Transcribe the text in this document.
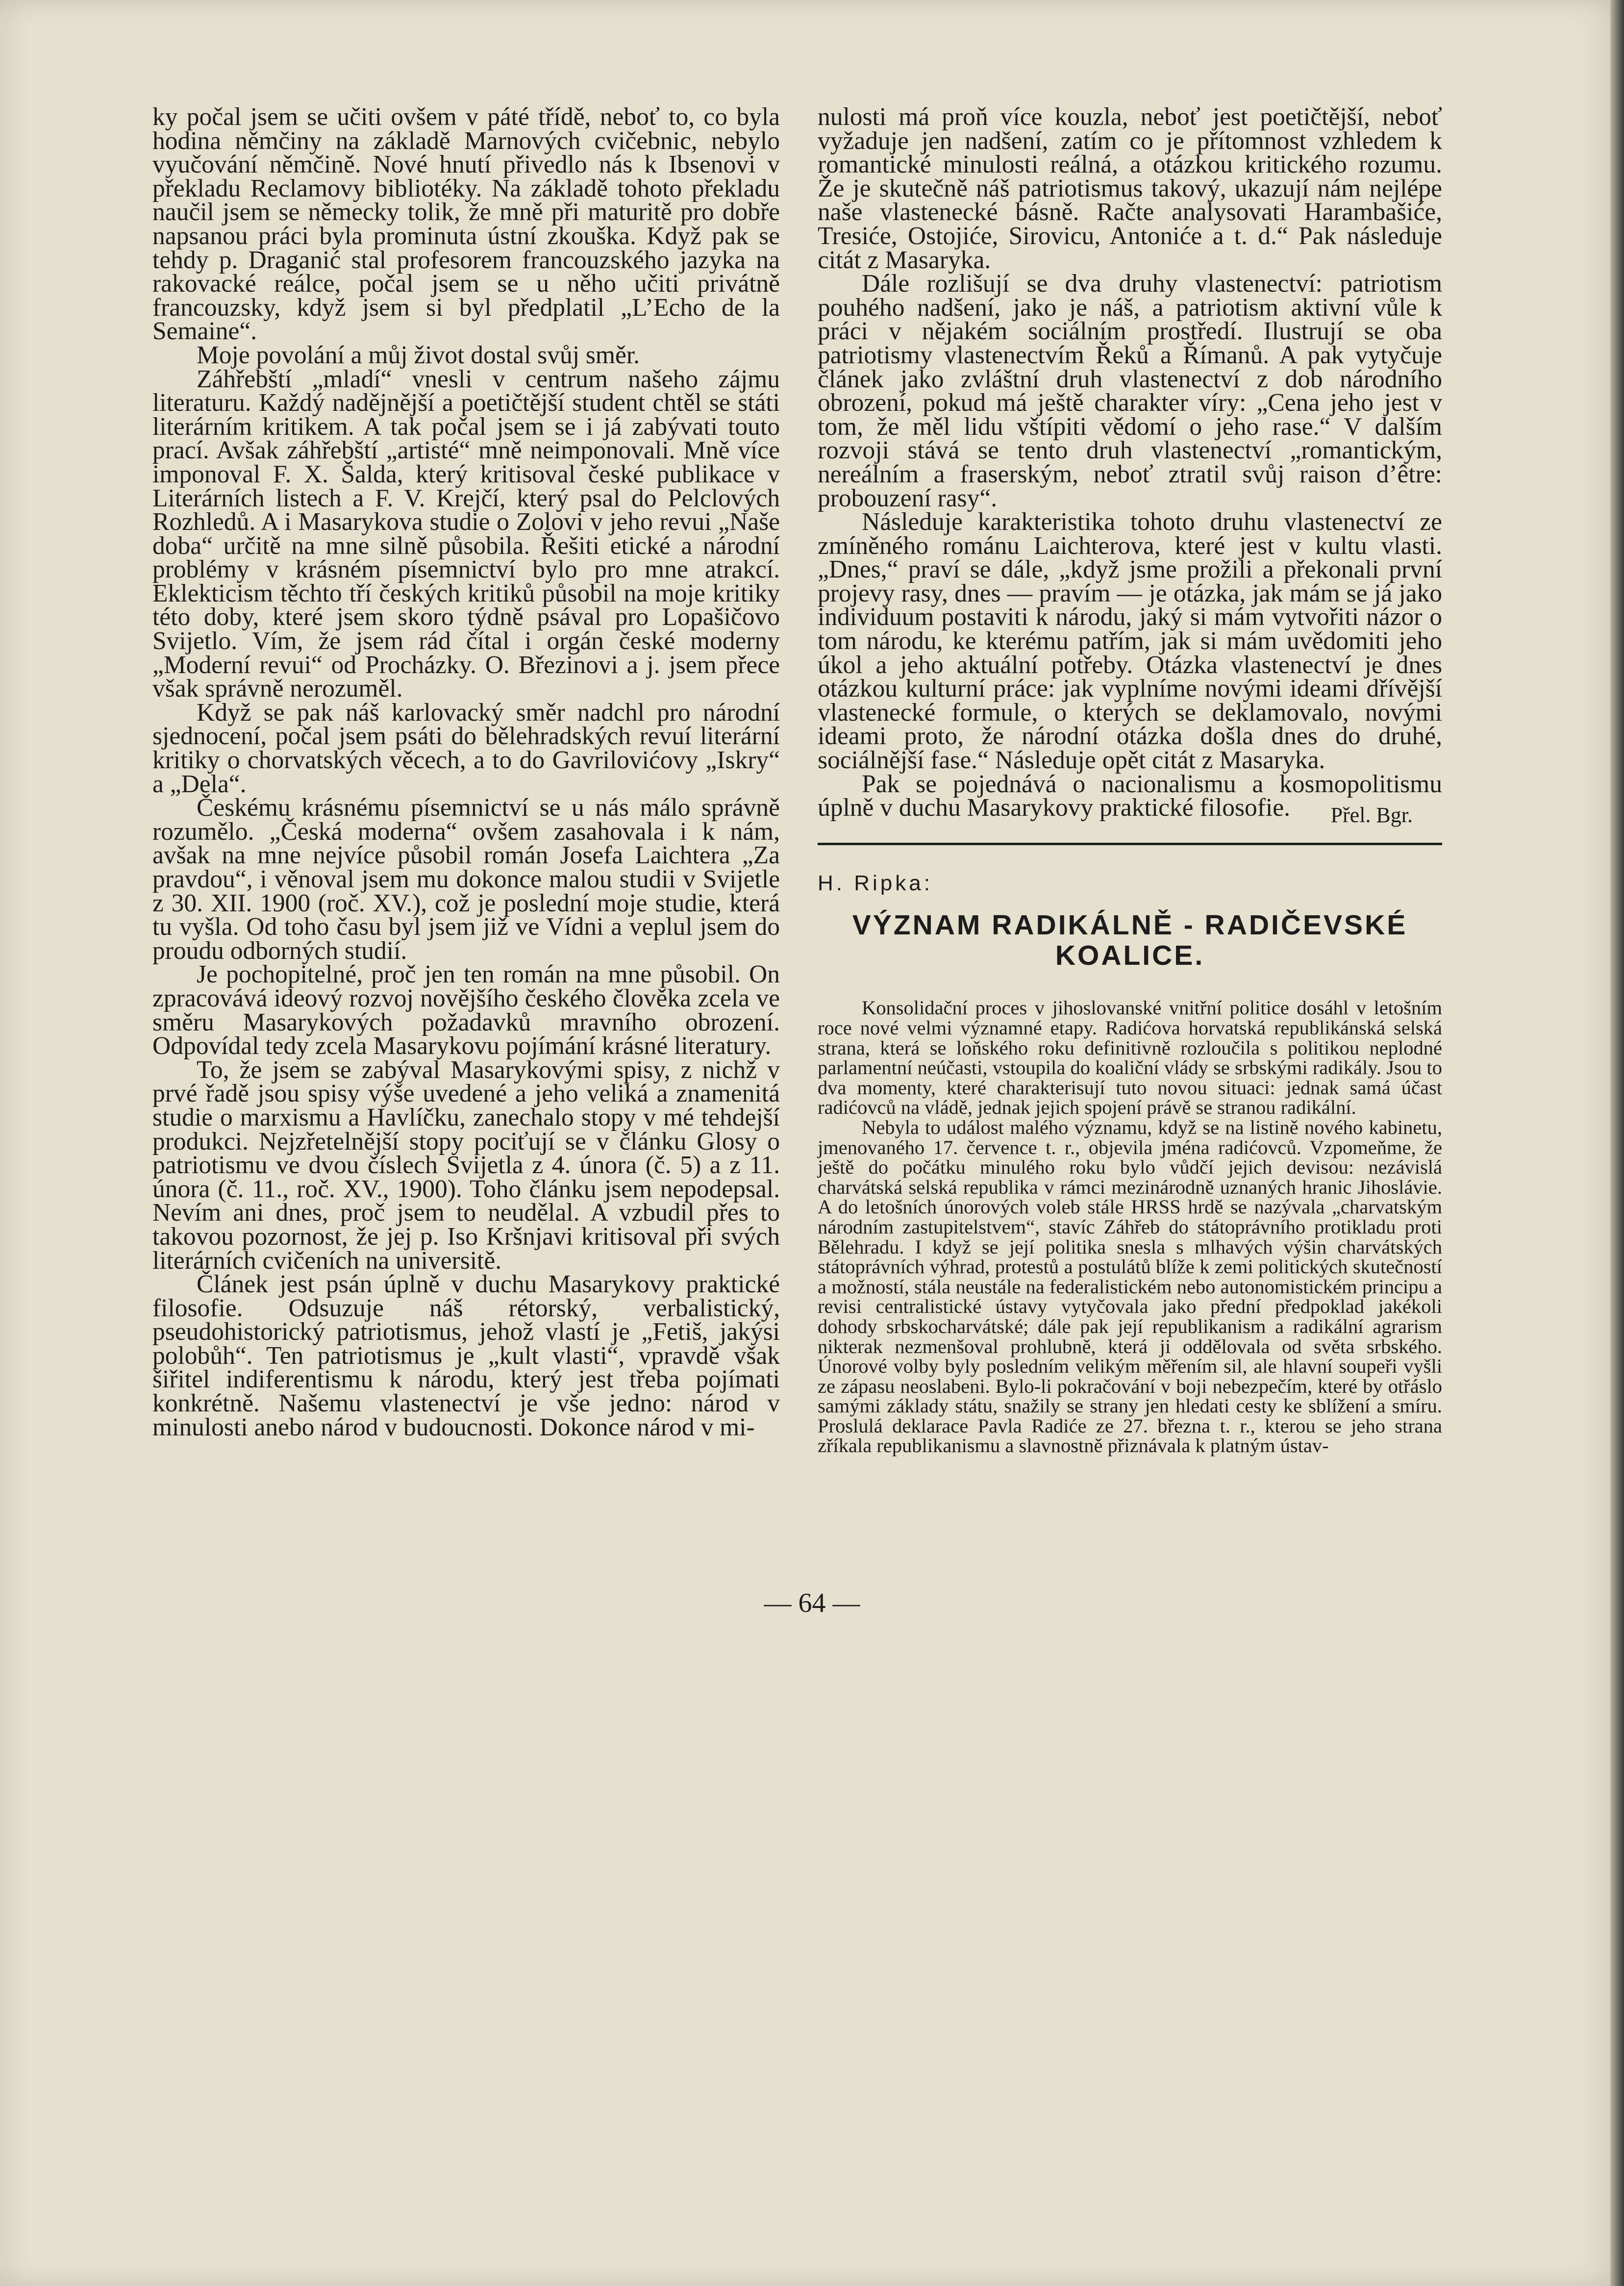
ky počal jsem se učiti ovšem v páté třídě, neboť to, co byla hodina němčiny na základě Marnových cvičebnic, nebylo vyučování němčině. Nové hnutí přivedlo nás k Ibsenovi v překladu Reclamovy bibliotéky. Na základě tohoto překladu naučil jsem se německy tolik, že mně při maturitě pro dobře napsanou práci byla prominuta ústní zkouška. Když pak se tehdy p. Draganić stal profesorem francouzského jazyka na rakovacké reálce, počal jsem se u něho učiti privátně francouzsky, když jsem si byl předplatil „L’Echo de la Semaine“.

Moje povolání a můj život dostal svůj směr.

Záhřebští „mladí“ vnesli v centrum našeho zájmu literaturu. Každý nadějnější a poetičtější student chtěl se státi literárním kritikem. A tak počal jsem se i já zabývati touto prací. Avšak záhřebští „artisté“ mně neimponovali. Mně více imponoval F. X. Šalda, který kritisoval české publikace v Literárních listech a F. V. Krejčí, který psal do Pelclových Rozhledů. A i Masarykova studie o Zolovi v jeho revui „Naše doba“ určitě na mne silně působila. Řešiti etické a národní problémy v krásném písemnictví bylo pro mne atrakcí. Eklekticism těchto tří českých kritiků působil na moje kritiky této doby, které jsem skoro týdně psával pro Lopašičovo Svijetlo. Vím, že jsem rád čítal i orgán české moderny „Moderní revui“ od Procházky. O. Březinovi a j. jsem přece však správně nerozuměl.

Když se pak náš karlovacký směr nadchl pro národní sjednocení, počal jsem psáti do bělehradských revuí literární kritiky o chorvatských věcech, a to do Gavrilovićovy „Iskry“ a „Dela“.

Českému krásnému písemnictví se u nás málo správně rozumělo. „Česká moderna“ ovšem zasahovala i k nám, avšak na mne nejvíce působil román Josefa Laichtera „Za pravdou“, i věnoval jsem mu dokonce malou studii v Svijetle z 30. XII. 1900 (roč. XV.), což je poslední moje studie, která tu vyšla. Od toho času byl jsem již ve Vídni a veplul jsem do proudu odborných studií.

Je pochopitelné, proč jen ten román na mne působil. On zpracovává ideový rozvoj novějšího českého člověka zcela ve směru Masarykových požadavků mravního obrození. Odpovídal tedy zcela Masarykovu pojímání krásné literatury.

To, že jsem se zabýval Masarykovými spisy, z nichž v prvé řadě jsou spisy výše uvedené a jeho veliká a znamenitá studie o marxismu a Havlíčku, zanechalo stopy v mé tehdejší produkci. Nejzřetelnější stopy pociťují se v článku Glosy o patriotismu ve dvou číslech Svijetla z 4. února (č. 5) a z 11. února (č. 11., roč. XV., 1900). Toho článku jsem nepodepsal. Nevím ani dnes, proč jsem to neudělal. A vzbudil přes to takovou pozornost, že jej p. Iso Kršnjavi kritisoval při svých literárních cvičeních na universitě.

Článek jest psán úplně v duchu Masarykovy praktické filosofie. Odsuzuje náš rétorský, verbalistický, pseudohistorický patriotismus, jehož vlastí je „Fetiš, jakýsi polobůh“. Ten patriotismus je „kult vlasti“, vpravdě však šiřitel indiferentismu k národu, který jest třeba pojímati konkrétně. Našemu vlastenectví je vše jedno: národ v minulosti anebo národ v budoucnosti. Dokonce národ v mi-

nulosti má proň více kouzla, neboť jest poetičtější, neboť vyžaduje jen nadšení, zatím co je přítomnost vzhledem k romantické minulosti reálná, a otázkou kritického rozumu. Že je skutečně náš patriotismus takový, ukazují nám nejlépe naše vlastenecké básně. Račte analysovati Harambašiće, Tresiće, Ostojiće, Sirovicu, Antoniće a t. d.“ Pak následuje citát z Masaryka.

Dále rozlišují se dva druhy vlastenectví: patriotism pouhého nadšení, jako je náš, a patriotism aktivní vůle k práci v nějakém sociálním prostředí. Ilustrují se oba patriotismy vlastenectvím Řeků a Římanů. A pak vytyčuje článek jako zvláštní druh vlastenectví z dob národního obrození, pokud má ještě charakter víry: „Cena jeho jest v tom, že měl lidu vštípiti vědomí o jeho rase.“ V dalším rozvoji stává se tento druh vlastenectví „romantickým, nereálním a fraserským, neboť ztratil svůj raison d’être: probouzení rasy“.

Následuje karakteristika tohoto druhu vlastenectví ze zmíněného románu Laichterova, které jest v kultu vlasti. „Dnes,“ praví se dále, „když jsme prožili a překonali první projevy rasy, dnes — pravím — je otázka, jak mám se já jako individuum postaviti k národu, jaký si mám vytvořiti názor o tom národu, ke kterému patřím, jak si mám uvědomiti jeho úkol a jeho aktuální potřeby. Otázka vlastenectví je dnes otázkou kulturní práce: jak vyplníme novými ideami dřívější vlastenecké formule, o kterých se deklamovalo, novými ideami proto, že národní otázka došla dnes do druhé, sociálnější fase.“ Následuje opět citát z Masaryka.

Pak se pojednává o nacionalismu a kosmopolitismu úplně v duchu Masarykovy praktické filosofie.	Přel. Bgr.
H. Ripka:
VÝZNAM RADIKÁLNĚ - RADIČEVSKÉ
KOALICE.

Konsolidační proces v jihoslovanské vnitřní politice dosáhl v letošním roce nové velmi významné etapy. Radićova horvatská republikánská selská strana, která se loňského roku definitivně rozloučila s politikou neplodné parlamentní neúčasti, vstoupila do koaliční vlády se srbskými radikály. Jsou to dva momenty, které charakterisují tuto novou situaci: jednak samá účast radićovců na vládě, jednak jejich spojení právě se stranou radikální.

Nebyla to událost malého významu, když se na listině nového kabinetu, jmenovaného 17. července t. r., objevila jména radićovců. Vzpomeňme, že ještě do počátku minulého roku bylo vůdčí jejich devisou: nezávislá charvátská selská republika v rámci mezinárodně uznaných hranic Jihoslávie. A do letošních únorových voleb stále HRSS hrdě se nazývala „charvatským národním zastupitelstvem“, stavíc Záhřeb do státoprávního protikladu proti Bělehradu. I když se její politika snesla s mlhavých výšin charvátských státoprávních výhrad, protestů a postulátů blíže k zemi politických skutečností a možností, stála neustále na federalistickém nebo autonomistickém principu a revisi centralistické ústavy vytyčovala jako přední předpoklad jakékoli dohody srbskocharvátské; dále pak její republikanism a radikální agrarism nikterak nezmenšoval prohlubně, která ji oddělovala od světa srbského. Únorové volby byly posledním velikým měřením sil, ale hlavní soupeři vyšli ze zápasu neoslabeni. Bylo-li pokračování v boji nebezpečím, které by otřáslo samými základy státu, snažily se strany jen hledati cesty ke sblížení a smíru. Proslulá deklarace Pavla Radiće ze 27. března t. r., kterou se jeho strana zříkala republikanismu a slavnostně přiznávala k platným ústav-

— 64 —
